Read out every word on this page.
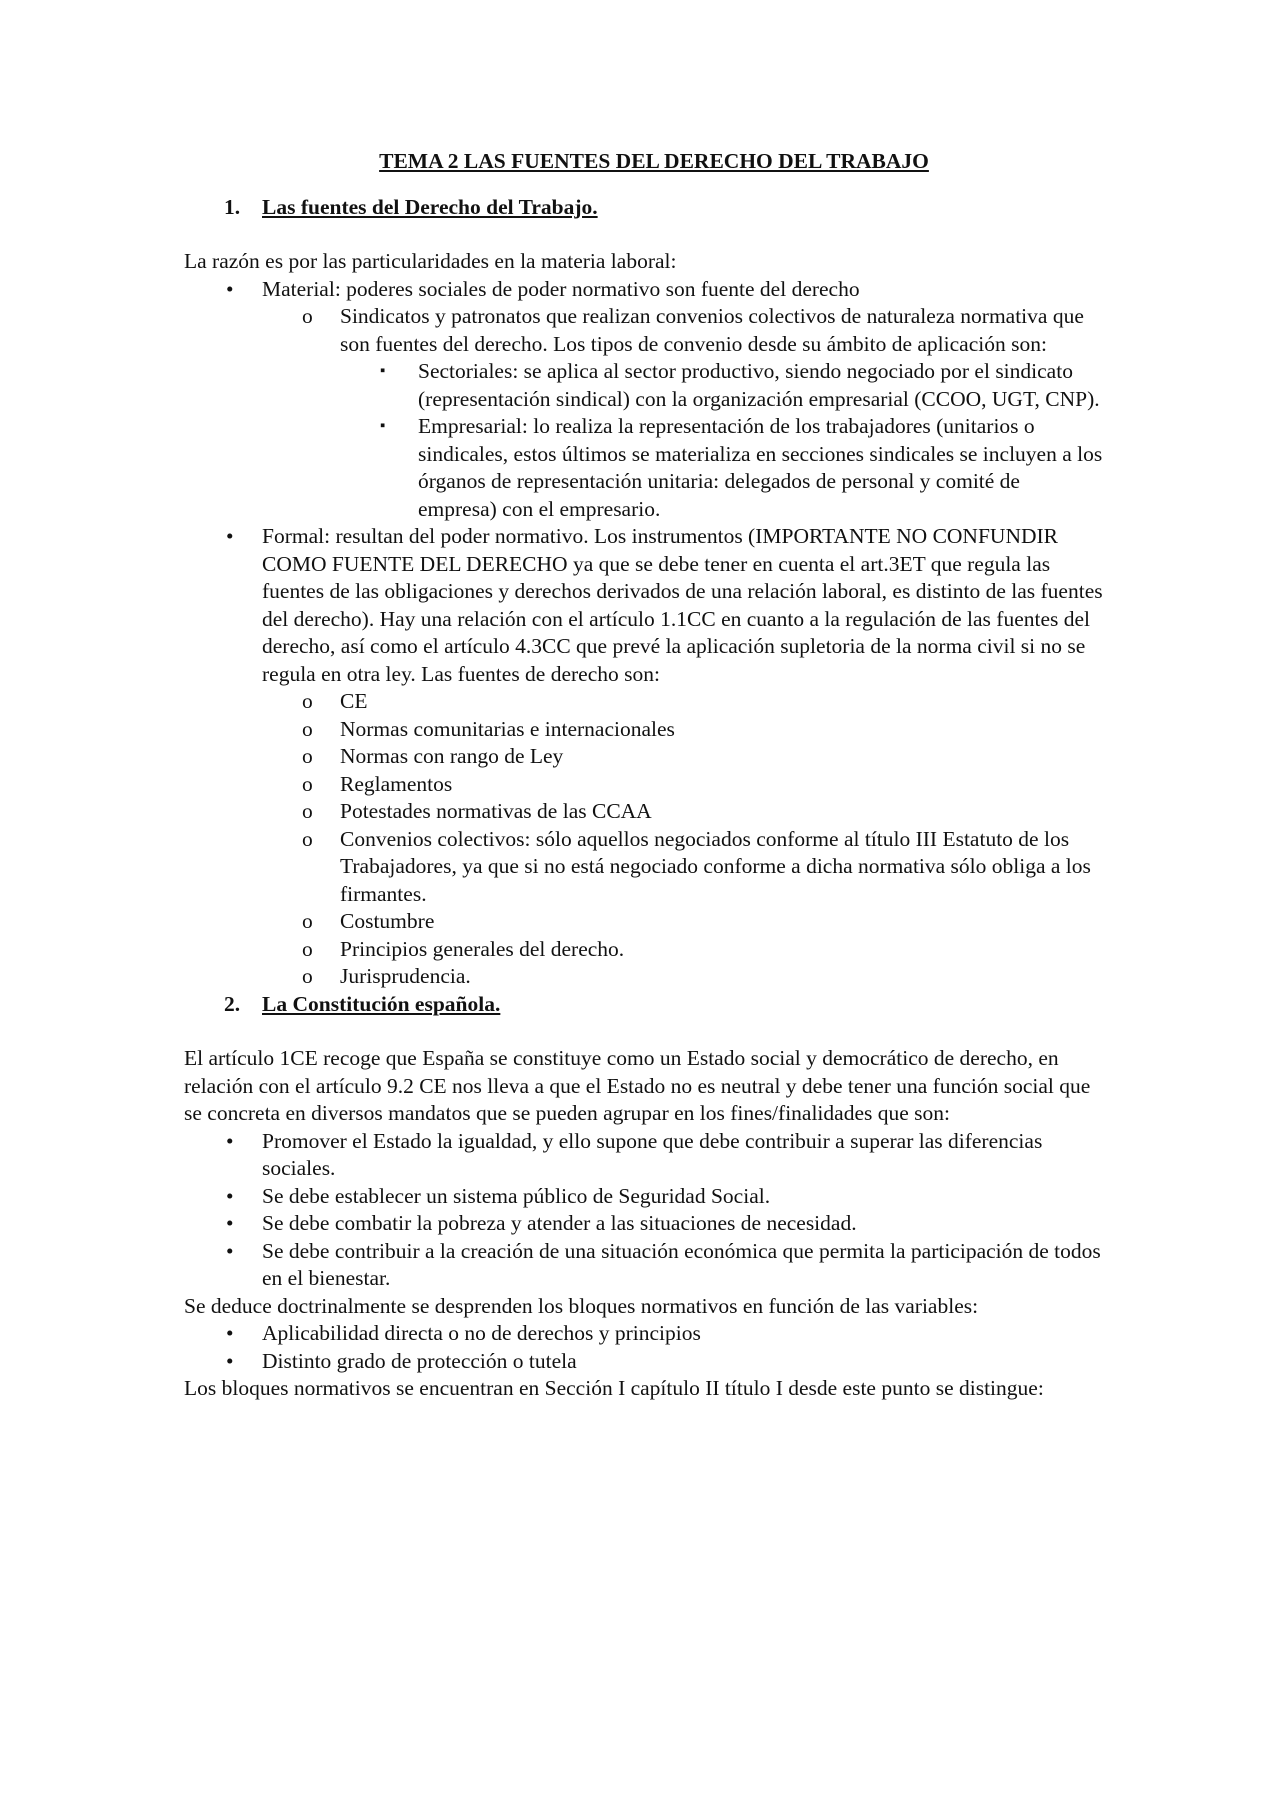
TEMA 2 LAS FUENTES DEL DERECHO DEL TRABAJO
1.	Las fuentes del Derecho del Trabajo.

La razón es por las particularidades en la materia laboral:

• Material: poderes sociales de poder normativo son fuente del derecho
o Sindicatos y patronatos que realizan convenios colectivos de naturaleza normativa que son fuentes del derecho. Los tipos de convenio desde su ámbito de aplicación son:
▪ Sectoriales: se aplica al sector productivo, siendo negociado por el sindicato (representación sindical) con la organización empresarial (CCOO, UGT, CNP).
▪ Empresarial: lo realiza la representación de los trabajadores (unitarios o sindicales, estos últimos se materializa en secciones sindicales se incluyen a los órganos de representación unitaria: delegados de personal y comité de empresa) con el empresario.
• Formal: resultan del poder normativo. Los instrumentos (IMPORTANTE NO CONFUNDIR COMO FUENTE DEL DERECHO ya que se debe tener en cuenta el art.3ET que regula las fuentes de las obligaciones y derechos derivados de una relación laboral, es distinto de las fuentes del derecho). Hay una relación con el artículo 1.1CC en cuanto a la regulación de las fuentes del derecho, así como el artículo 4.3CC que prevé la aplicación supletoria de la norma civil si no se regula en otra ley. Las fuentes de derecho son:
o CE
o Normas comunitarias e internacionales
o Normas con rango de Ley
o Reglamentos
o Potestades normativas de las CCAA
o Convenios colectivos: sólo aquellos negociados conforme al título III Estatuto de los Trabajadores, ya que si no está negociado conforme a dicha normativa sólo obliga a los firmantes.
o Costumbre
o Principios generales del derecho.
o Jurisprudencia.
2.	La Constitución española.

El artículo 1CE recoge que España se constituye como un Estado social y democrático de derecho, en relación con el artículo 9.2 CE nos lleva a que el Estado no es neutral y debe tener una función social que se concreta en diversos mandatos que se pueden agrupar en los fines/finalidades que son:

• Promover el Estado la igualdad, y ello supone que debe contribuir a superar las diferencias sociales.
• Se debe establecer un sistema público de Seguridad Social.
• Se debe combatir la pobreza y atender a las situaciones de necesidad.
• Se debe contribuir a la creación de una situación económica que permita la participación de todos en el bienestar.

Se deduce doctrinalmente se desprenden los bloques normativos en función de las variables:

• Aplicabilidad directa o no de derechos y principios
• Distinto grado de protección o tutela

Los bloques normativos se encuentran en Sección I capítulo II título I desde este punto se distingue:
